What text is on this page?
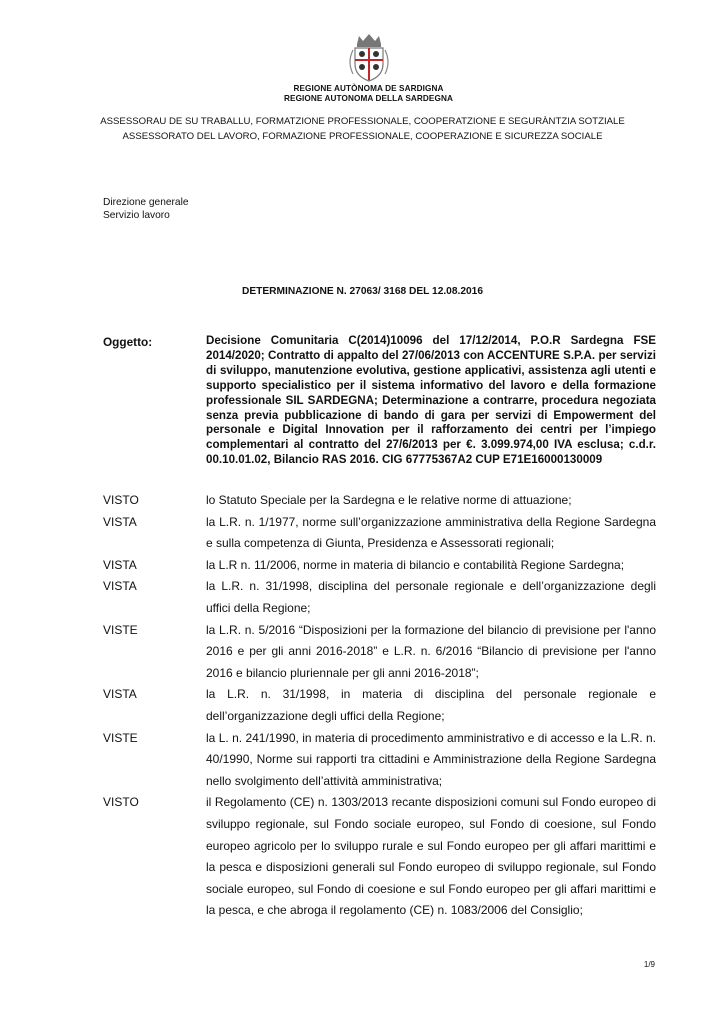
REGIONE AUTÒNOMA DE SARDIGNA
REGIONE AUTONOMA DELLA SARDEGNA
ASSESSORAU DE SU TRABALLU, FORMATZIONE PROFESSIONALE, COOPERATZIONE E SEGURÀNTZIA SOTZIALE
ASSESSORATO DEL LAVORO, FORMAZIONE PROFESSIONALE, COOPERAZIONE E SICUREZZA SOCIALE
Direzione generale
Servizio lavoro
DETERMINAZIONE N. 27063/ 3168 DEL 12.08.2016
Oggetto:	Decisione Comunitaria C(2014)10096 del 17/12/2014, P.O.R Sardegna FSE 2014/2020; Contratto di appalto del 27/06/2013 con ACCENTURE S.P.A. per servizi di sviluppo, manutenzione evolutiva, gestione applicativi, assistenza agli utenti e supporto specialistico per il sistema informativo del lavoro e della formazione professionale SIL SARDEGNA; Determinazione a contrarre, procedura negoziata senza previa pubblicazione di bando di gara per servizi di Empowerment del personale e Digital Innovation per il rafforzamento dei centri per l’impiego complementari al contratto del 27/6/2013 per €. 3.099.974,00 IVA esclusa; c.d.r. 00.10.01.02, Bilancio RAS 2016. CIG 67775367A2 CUP E71E16000130009
VISTO	lo Statuto Speciale per la Sardegna e le relative norme di attuazione;
VISTA	la L.R. n. 1/1977, norme sull’organizzazione amministrativa della Regione Sardegna e sulla competenza di Giunta, Presidenza e Assessorati regionali;
VISTA	la L.R n. 11/2006, norme in materia di bilancio e contabilità Regione Sardegna;
VISTA	la L.R. n. 31/1998, disciplina del personale regionale e dell’organizzazione degli uffici della Regione;
VISTE	la L.R. n. 5/2016 “Disposizioni per la formazione del bilancio di previsione per l'anno 2016 e per gli anni 2016-2018” e L.R. n. 6/2016 “Bilancio di previsione per l'anno 2016 e bilancio pluriennale per gli anni 2016-2018”;
VISTA	la L.R. n. 31/1998, in materia di disciplina del personale regionale e dell’organizzazione degli uffici della Regione;
VISTE	la L. n. 241/1990, in materia di procedimento amministrativo e di accesso e la L.R. n. 40/1990, Norme sui rapporti tra cittadini e Amministrazione della Regione Sardegna nello svolgimento dell’attività amministrativa;
VISTO	il Regolamento (CE) n. 1303/2013 recante disposizioni comuni sul Fondo europeo di sviluppo regionale, sul Fondo sociale europeo, sul Fondo di coesione, sul Fondo europeo agricolo per lo sviluppo rurale e sul Fondo europeo per gli affari marittimi e la pesca e disposizioni generali sul Fondo europeo di sviluppo regionale, sul Fondo sociale europeo, sul Fondo di coesione e sul Fondo europeo per gli affari marittimi e la pesca, e che abroga il regolamento (CE) n. 1083/2006 del Consiglio;
1/9
